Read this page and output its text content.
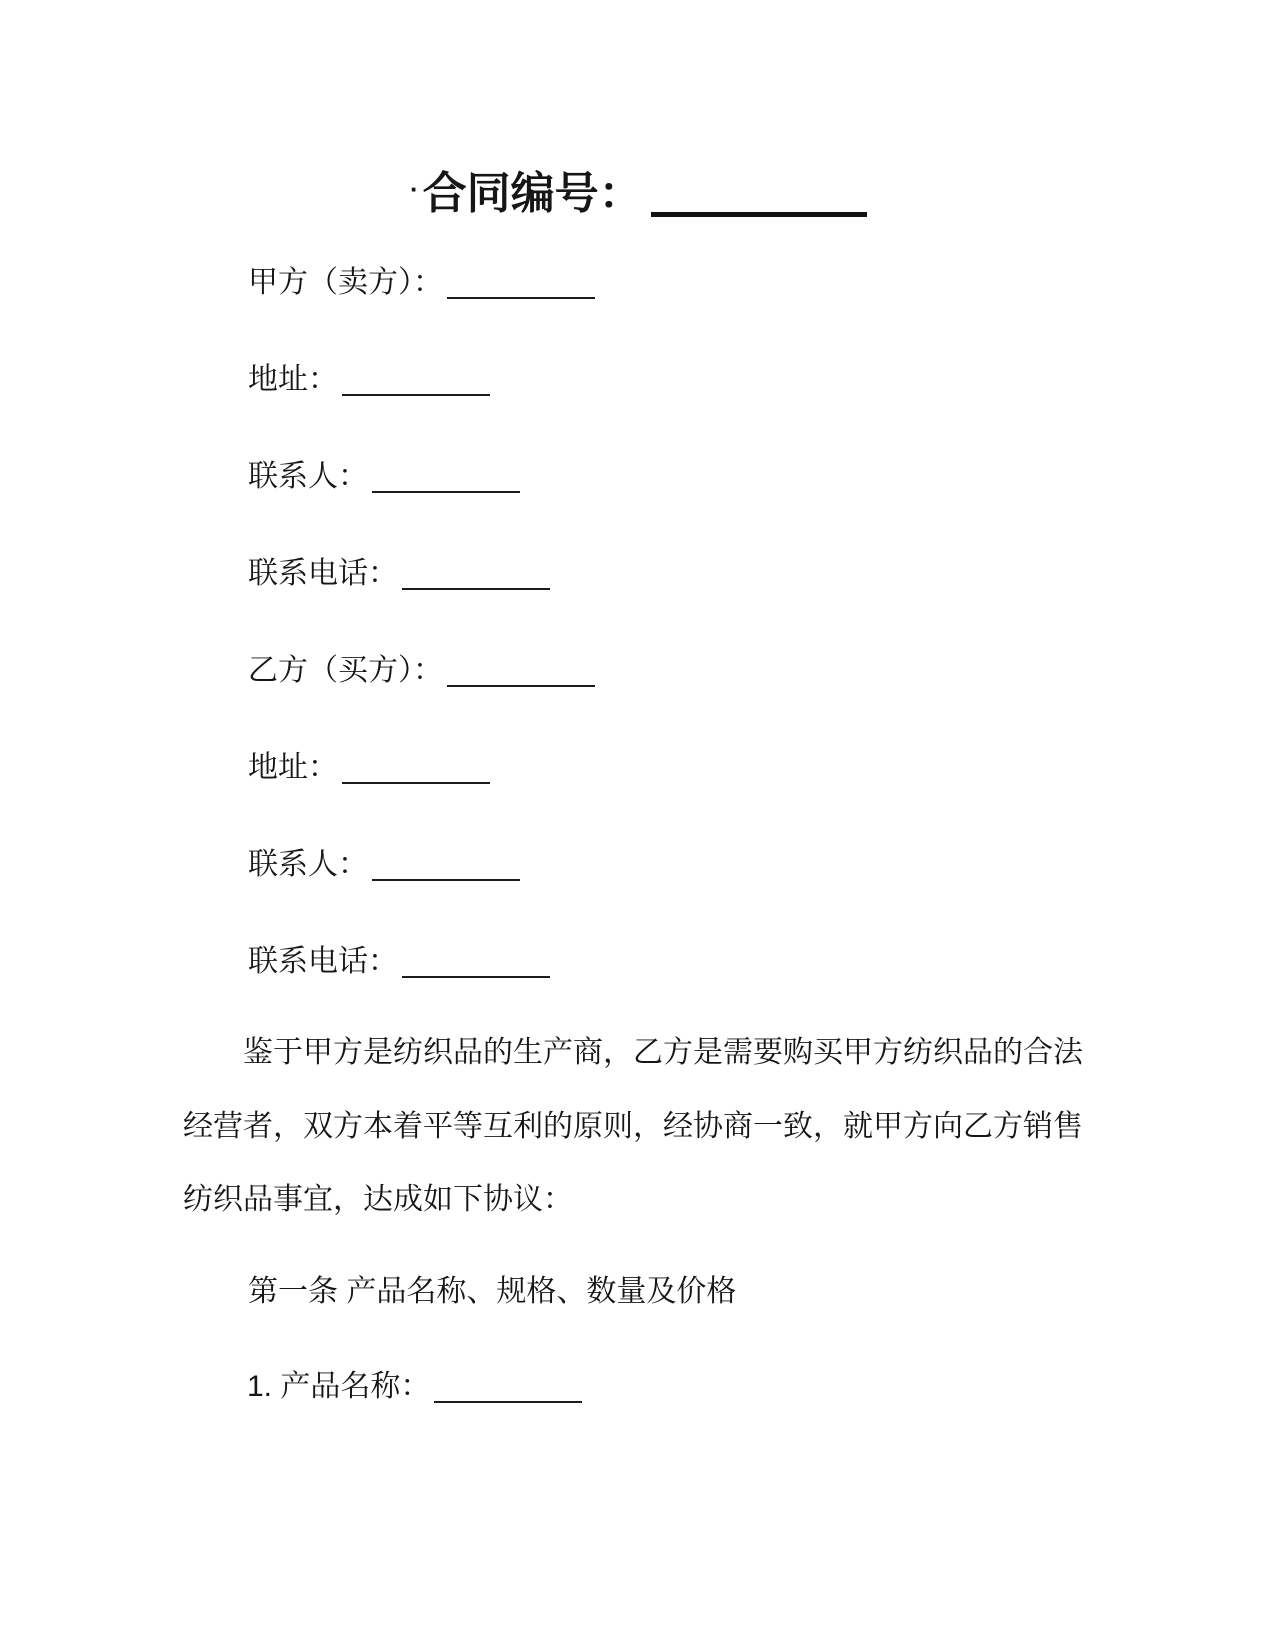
·合同编号：
甲方（卖方）：
地址：
联系人：
联系电话：
乙方（买方）：
地址：
联系人：
联系电话：

鉴于甲方是纺织品的生产商，乙方是需要购买甲方纺织品的合法经营者，双方本着平等互利的原则，经协商一致，就甲方向乙方销售纺织品事宜，达成如下协议：

第一条 产品名称、规格、数量及价格
1. 产品名称：
